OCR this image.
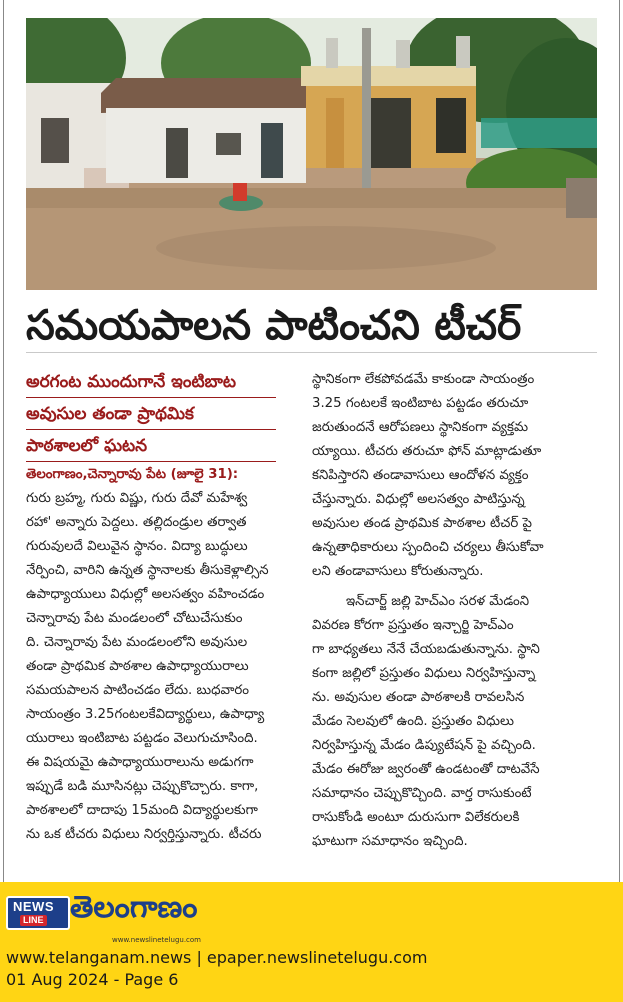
సమయపాలన పాటించని టీచర్
అరగంట ముందుగానే ఇంటిబాట
అవుసుల తండా ప్రాథమిక
పాఠశాలలో ఘటన
తెలంగాణం,చెన్నారావు పేట (జూలై 31):
గురు బ్రహ్మ, గురు విష్ణు, గురు దేవో మహేశ్వ
రహా' అన్నారు పెద్దలు. తల్లిదండ్రుల తర్వాత
గురువులదే విలువైన స్థానం. విద్యా బుద్ధులు
నేర్పించి, వారిని ఉన్నత స్థానాలకు తీసుకెళ్లాల్సిన
ఉపాధ్యాయులు విధుల్లో అలసత్వం వహించడం
చెన్నారావు పేట మండలంలో చోటుచేసుకుం
ది. చెన్నారావు పేట మండలంలోని అవుసుల
తండా ప్రాథమిక పాఠశాల ఉపాధ్యాయురాలు
సమయపాలన పాటించడం లేదు. బుధవారం
సాయంత్రం 3.25గంటలకేవిద్యార్థులు, ఉపాధ్యా
యురాలు ఇంటిబాట పట్టడం వెలుగుచూసింది.
ఈ విషయమై ఉపాధ్యాయురాలును అడుగగా
ఇప్పుడే బడి మూసినట్లు చెప్పుకొచ్చారు. కాగా,
పాఠశాలలో దాదాపు 15మంది విద్యార్థులకుగా
ను ఒక టీచరు విధులు నిర్వర్తిస్తున్నారు. టీచరు
స్థానికంగా లేకపోవడమే కాకుండా సాయంత్రం
3.25 గంటలకే ఇంటిబాట పట్టడం తరుచూ
జరుతుందనే ఆరోపణలు స్థానికంగా వ్యక్తమ
య్యాయి. టీచరు తరుచూ ఫోన్ మాట్లాడుతూ
కనిపిస్తారని తండావాసులు ఆందోళన వ్యక్తం
చేస్తున్నారు. విధుల్లో అలసత్వం పాటిస్తున్న
అవుసుల తండ ప్రాథమిక పాఠశాల టీచర్ పై
ఉన్నతాధికారులు స్పందించి చర్యలు తీసుకోవా
లని తండావాసులు కోరుతున్నారు.
ఇన్‌చార్జ్ జల్లి హెచ్ఎం సరళ మేడంని
వివరణ కోరగా ప్రస్తుతం ఇన్చార్జి హెచ్ఎం
గా బాధ్యతలు నేనే చేయబడుతున్నాను. స్థాని
కంగా జల్లిలో ప్రస్తుతం విధులు నిర్వహిస్తున్నా
ను. అవుసుల తండా పాఠశాలకి రావలసిన
మేడం సెలవులో ఉంది. ప్రస్తుతం విధులు
నిర్వహిస్తున్న మేడం డిప్యుటేషన్ పై వచ్చింది.
మేడం ఈరోజు జ్వరంతో ఉండటంతో దాటవేసే
సమాధానం చెప్పుకొచ్చింది. వార్త రాసుకుంటే
రాసుకోండి అంటూ దురుసుగా విలేకరులకి
ఘాటుగా సమాధానం ఇచ్చింది.
NEWS
LINE తెలంగాణం
www.newslinetelugu.com
www.telanganam.news | epaper.newslinetelugu.com
01 Aug 2024 - Page 6
